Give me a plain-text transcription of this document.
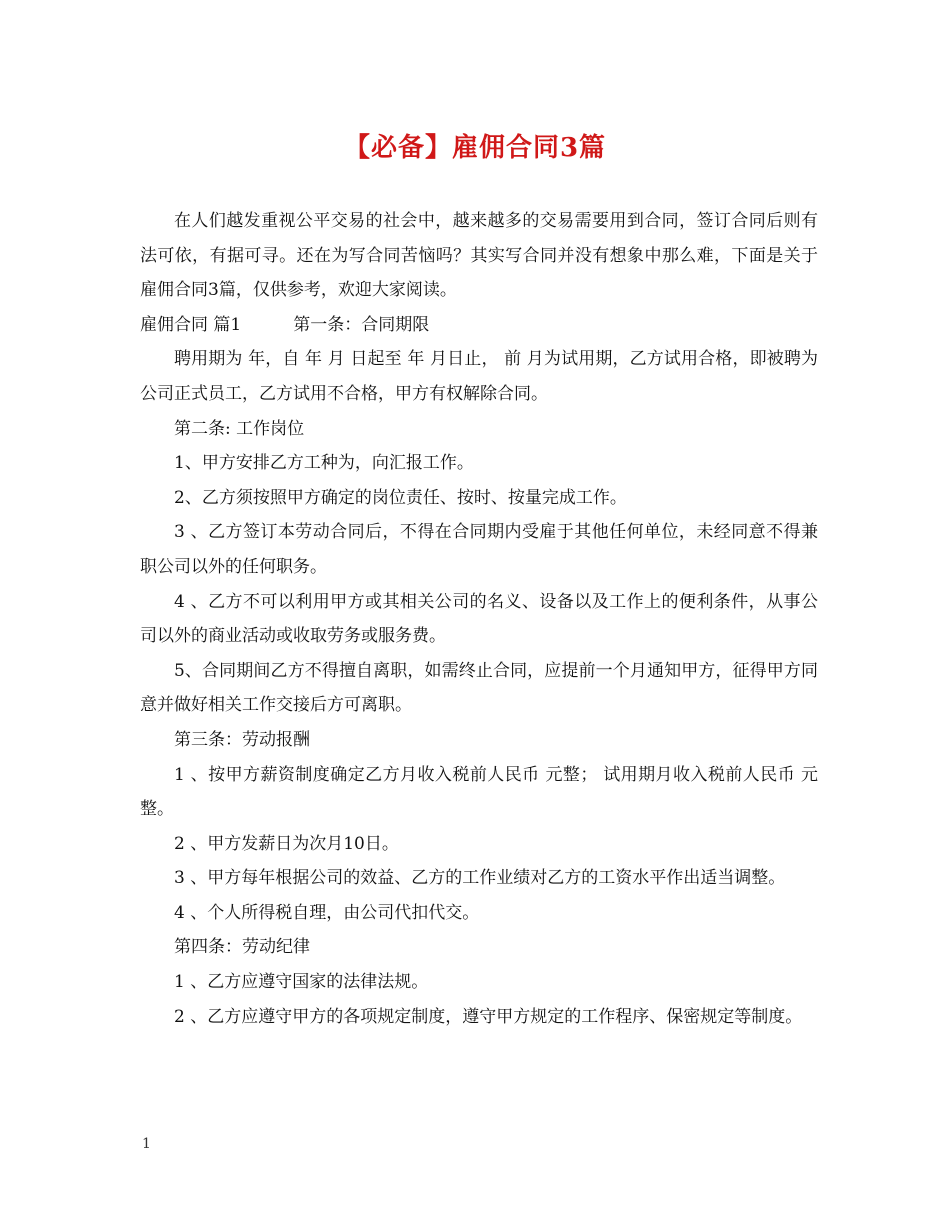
【必备】雇佣合同3篇

在人们越发重视公平交易的社会中，越来越多的交易需要用到合同，签订合同后则有法可依，有据可寻。还在为写合同苦恼吗？其实写合同并没有想象中那么难，下面是关于雇佣合同3篇，仅供参考，欢迎大家阅读。

雇佣合同 篇1	第一条：合同期限

聘用期为 年，自 年 月 日起至 年 月日止， 前 月为试用期，乙方试用合格，即被聘为公司正式员工，乙方试用不合格，甲方有权解除合同。

第二条: 工作岗位

1、甲方安排乙方工种为，向汇报工作。

2、乙方须按照甲方确定的岗位责任、按时、按量完成工作。

3 、乙方签订本劳动合同后，不得在合同期内受雇于其他任何单位，未经同意不得兼职公司以外的任何职务。

4 、乙方不可以利用甲方或其相关公司的名义、设备以及工作上的便利条件，从事公司以外的商业活动或收取劳务或服务费。

5、合同期间乙方不得擅自离职，如需终止合同，应提前一个月通知甲方，征得甲方同意并做好相关工作交接后方可离职。

第三条：劳动报酬

1 、按甲方薪资制度确定乙方月收入税前人民币 元整； 试用期月收入税前人民币 元整。

2 、甲方发薪日为次月10日。

3 、甲方每年根据公司的效益、乙方的工作业绩对乙方的工资水平作出适当调整。

4 、个人所得税自理，由公司代扣代交。

第四条：劳动纪律

1 、乙方应遵守国家的法律法规。

2 、乙方应遵守甲方的各项规定制度，遵守甲方规定的工作程序、保密规定等制度。

1
